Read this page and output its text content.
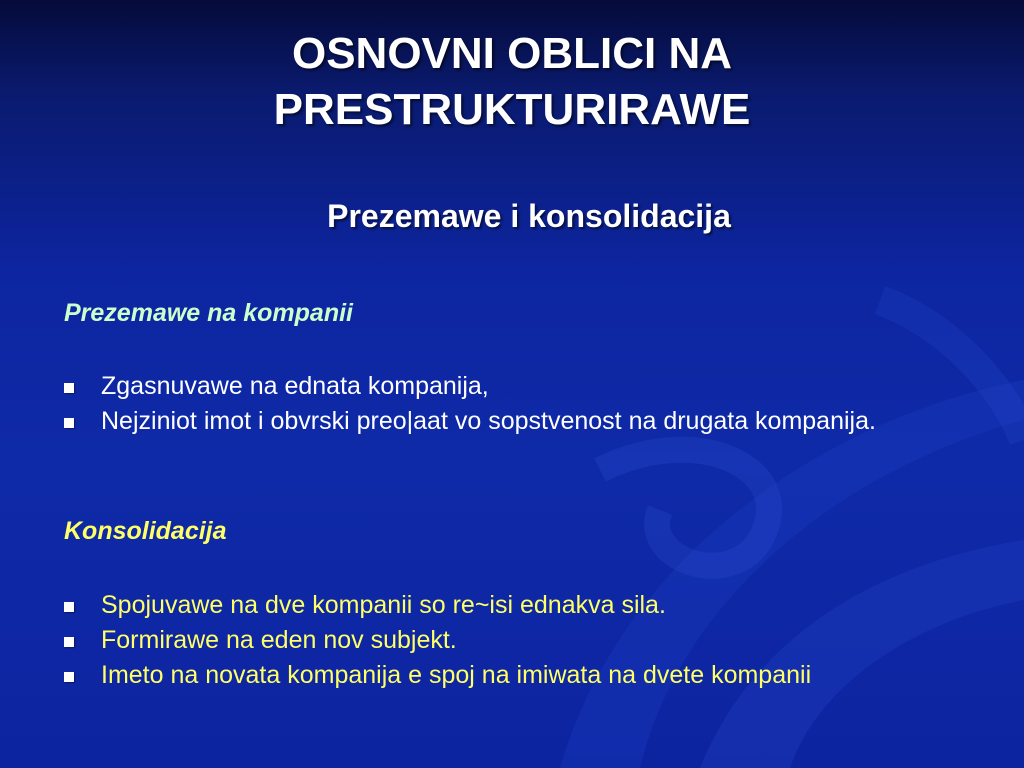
OSNOVNI OBLICI NA
PRESTRUKTURIRAWE
Prezemawe i konsolidacija

Prezemawe na kompanii

Zgasnuvawe na ednata kompanija,
Nejziniot imot i obvrski preo|aat vo sopstvenost na drugata kompanija.

Konsolidacija

Spojuvawe na dve kompanii so re~isi ednakva sila.
Formirawe na eden nov subjekt.
Imeto na novata kompanija e spoj na imiwata na dvete kompanii
